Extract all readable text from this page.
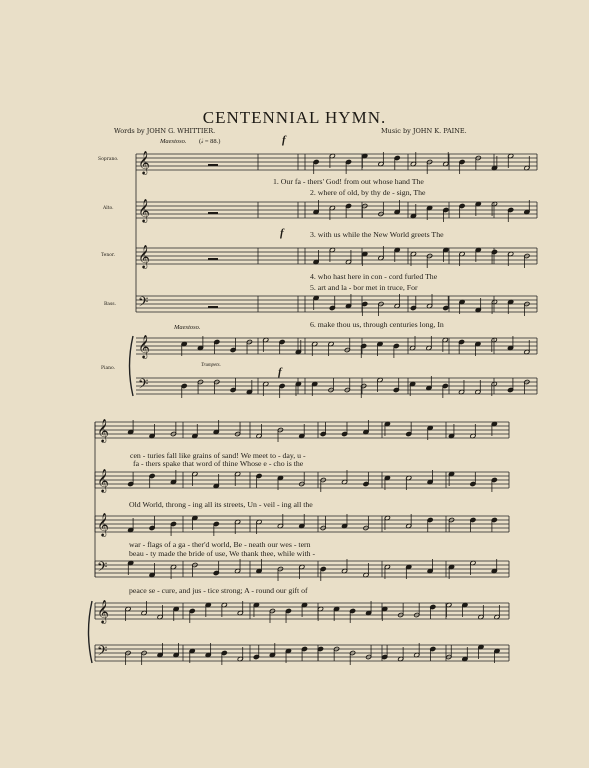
CENTENNIAL HYMN.
Words by JOHN G. WHITTIER.	Music by JOHN K. PAINE.
Maestoso. (𝅗𝅥 = 88.)	f
f
Maestoso.
Trumpets.
f
Soprano.
Alto.
Tenor.
Bass.
Piano.
1. Our fa - thers' God! from out whose hand The
2. where of old, by thy de - sign, The
3. with us while the New World greets The
4. who hast here in con - cord furled The
5. art and la - bor met in truce, For
6. make thou us, through centuries long, In
cen - turies fall like grains of sand! We meet to - day, u -
fa - thers spake that word of thine Whose e - cho is the
Old World, throng - ing all its streets, Un - veil - ing all the
war - flags of a ga - ther'd world, Be - neath our wes - tern
beau - ty made the bride of use, We thank thee, while with -
peace se - cure, and jus - tice strong; A - round our gift of
𝄞
𝄞
𝄞
𝄢
𝄞
𝄢
𝄞
𝄞
𝄞
𝄢
𝄞
𝄢
